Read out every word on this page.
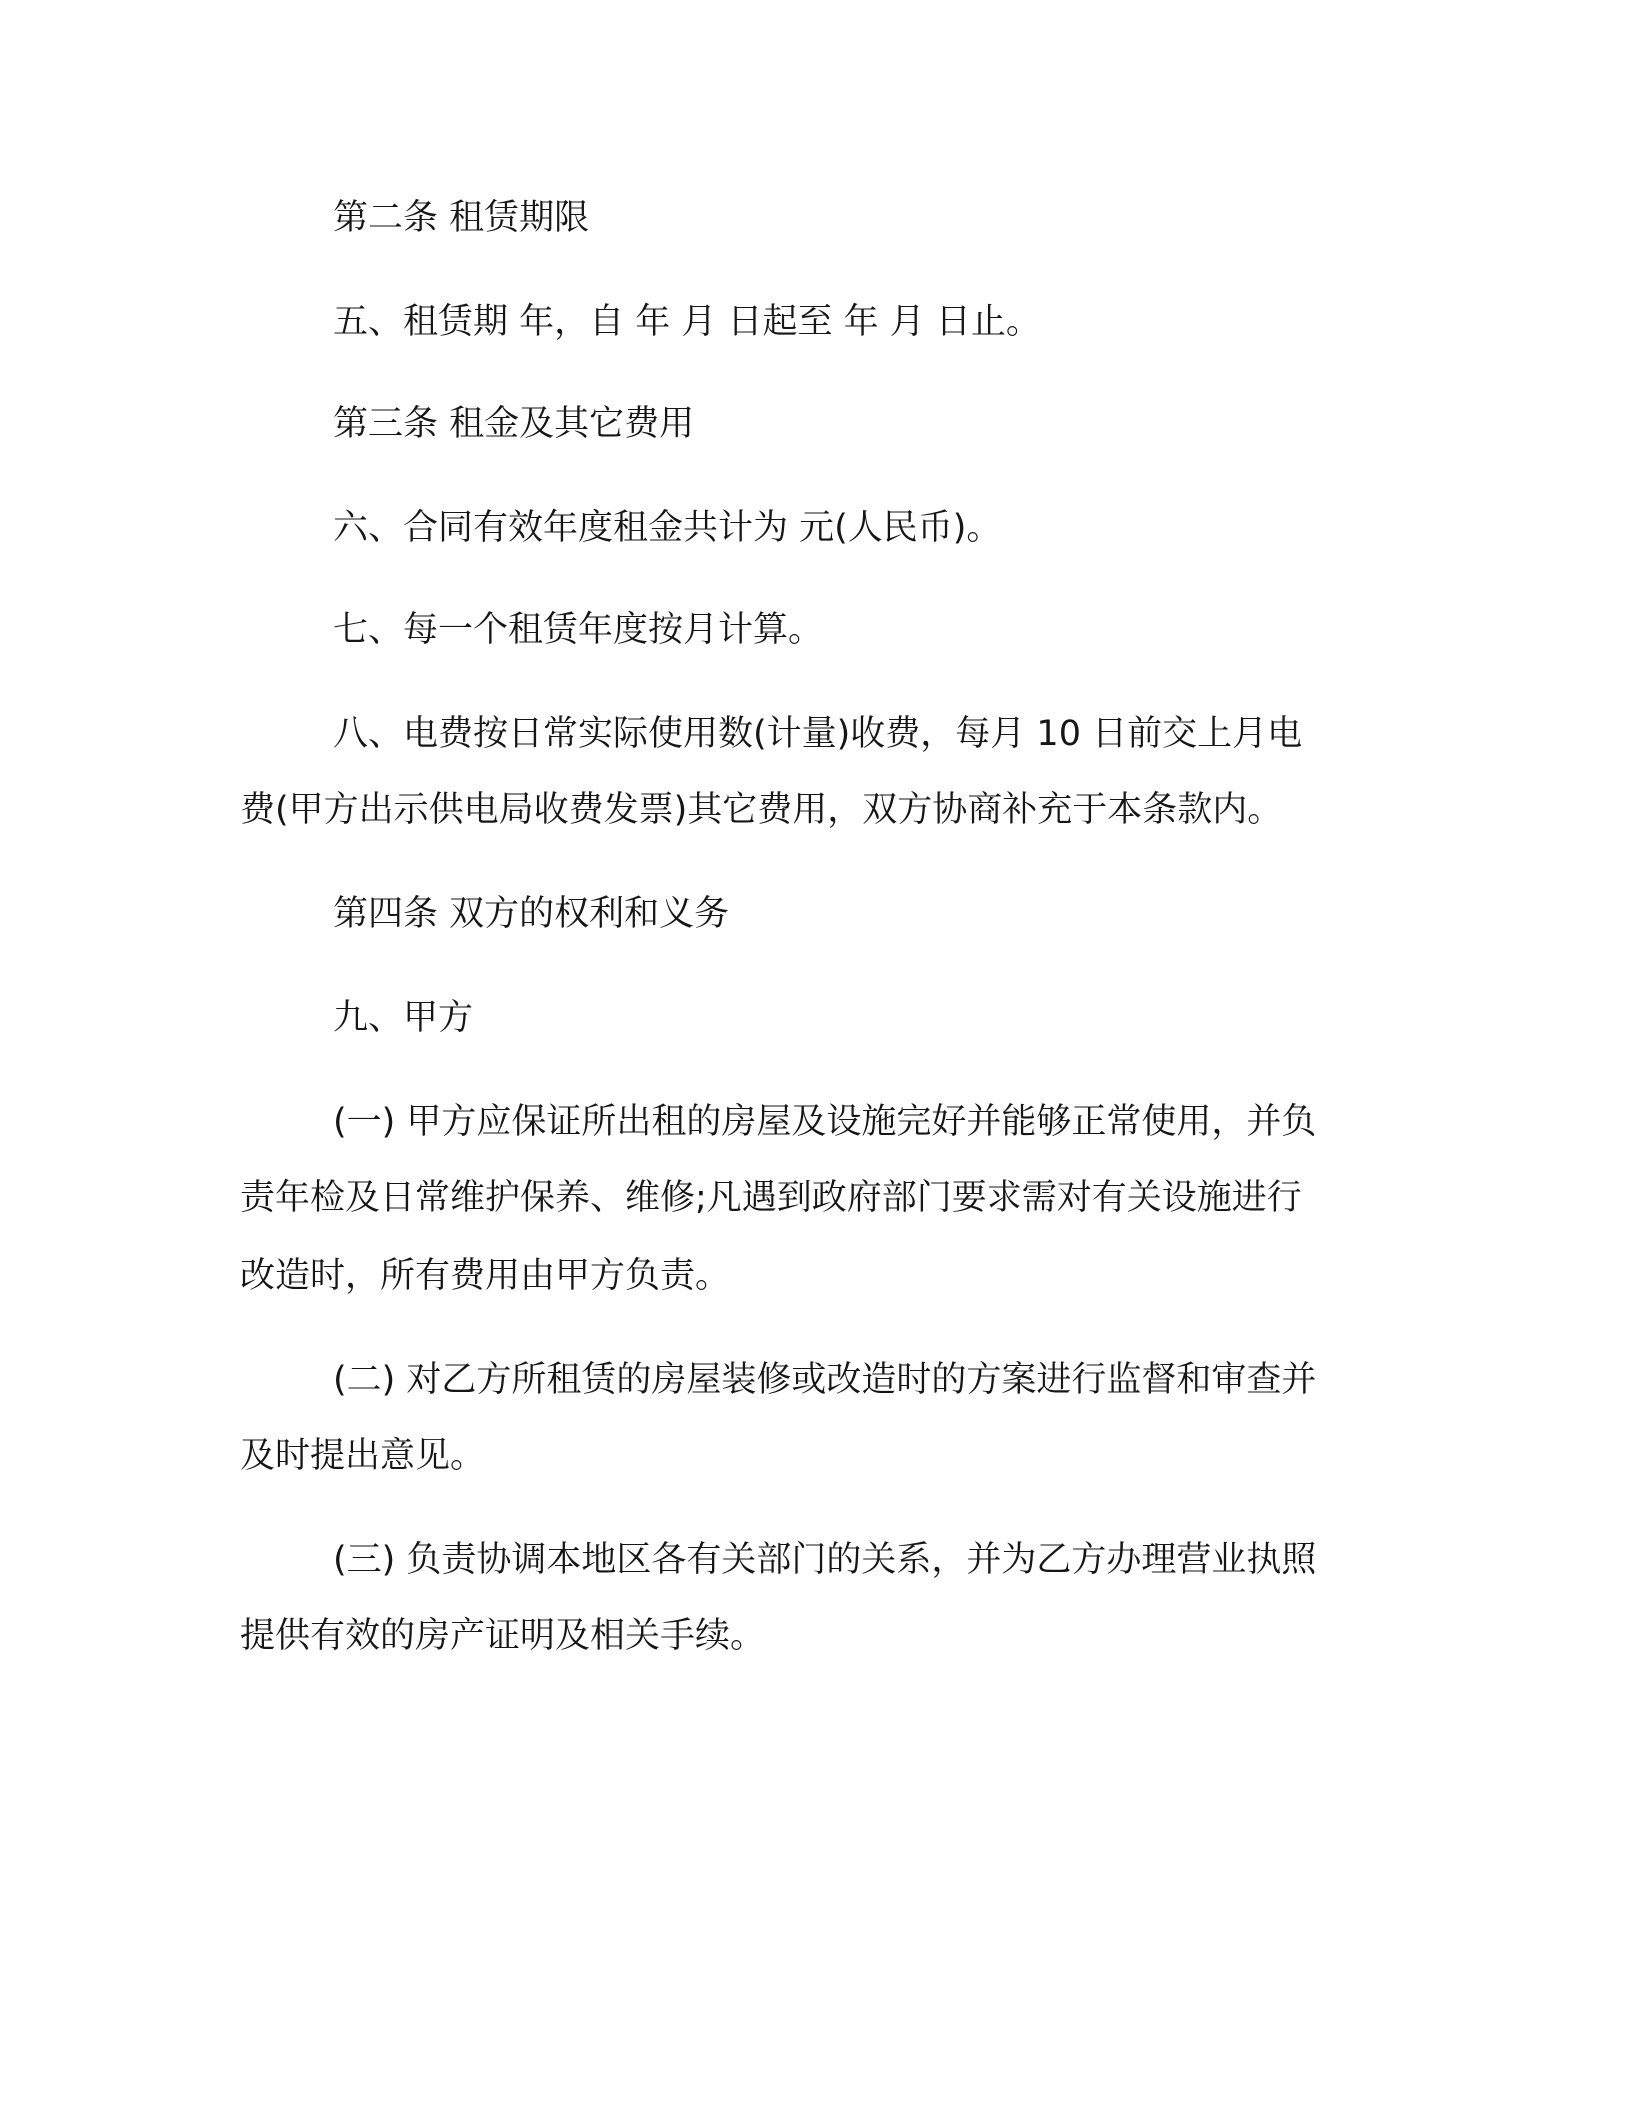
第二条 租赁期限
五、租赁期 年，自 年 月 日起至 年 月 日止。
第三条 租金及其它费用
六、合同有效年度租金共计为 元(人民币)。
七、每一个租赁年度按月计算。
八、电费按日常实际使用数(计量)收费，每月 10 日前交上月电
费(甲方出示供电局收费发票)其它费用，双方协商补充于本条款内。
第四条 双方的权利和义务
九、甲方
(一) 甲方应保证所出租的房屋及设施完好并能够正常使用，并负
责年检及日常维护保养、维修;凡遇到政府部门要求需对有关设施进行
改造时，所有费用由甲方负责。
(二) 对乙方所租赁的房屋装修或改造时的方案进行监督和审查并
及时提出意见。
(三) 负责协调本地区各有关部门的关系，并为乙方办理营业执照
提供有效的房产证明及相关手续。
